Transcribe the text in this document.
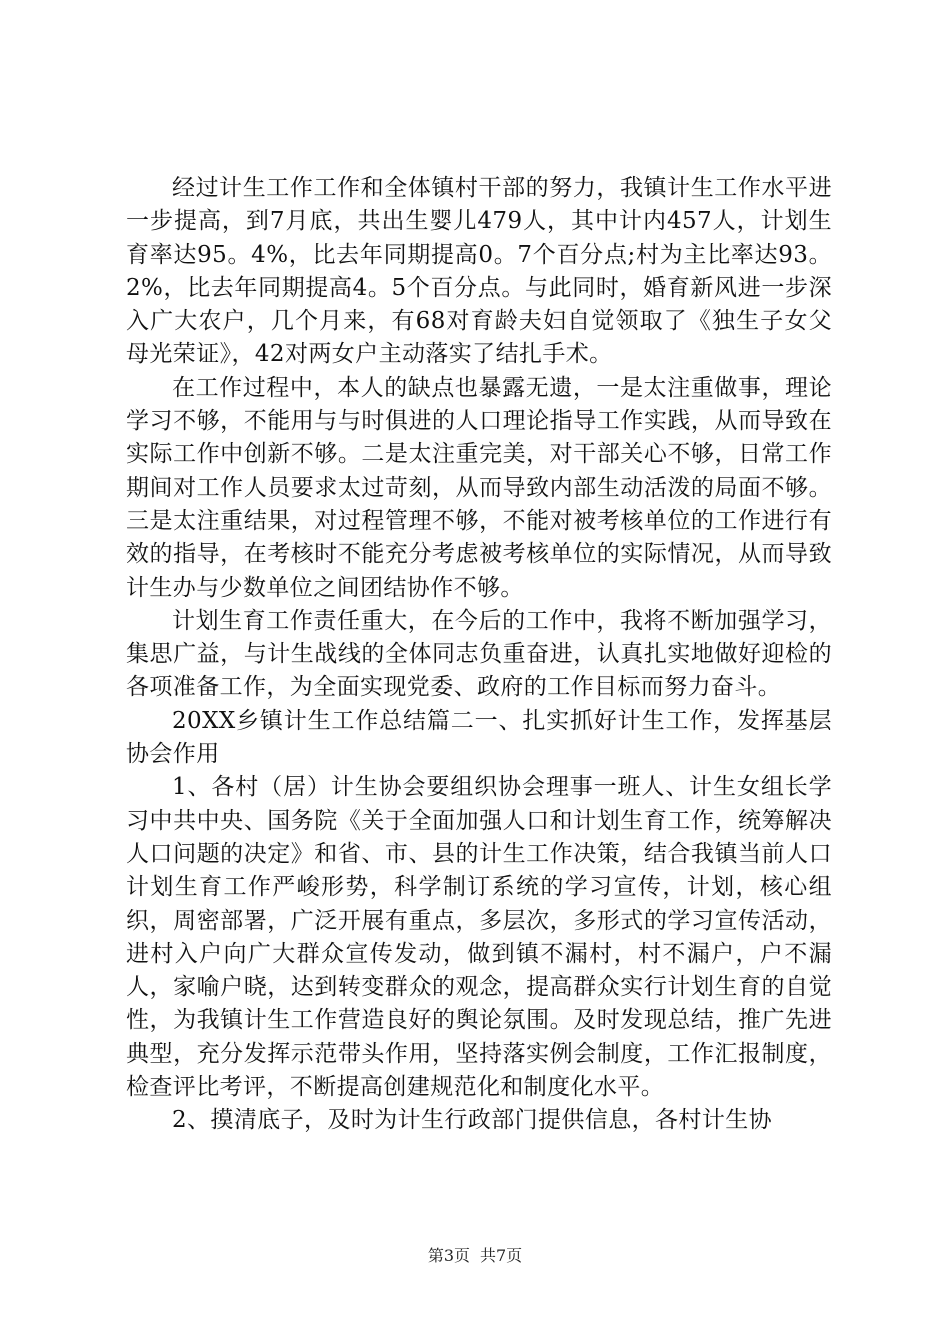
经过计生工作工作和全体镇村干部的努力，我镇计生工作水平进一步提高，到7月底，共出生婴儿479人，其中计内457人，计划生育率达95。4%，比去年同期提高0。7个百分点;村为主比率达93。2%，比去年同期提高4。5个百分点。与此同时，婚育新风进一步深入广大农户，几个月来，有68对育龄夫妇自觉领取了《独生子女父母光荣证》，42对两女户主动落实了结扎手术。

在工作过程中，本人的缺点也暴露无遗，一是太注重做事，理论学习不够，不能用与与时俱进的人口理论指导工作实践，从而导致在实际工作中创新不够。二是太注重完美，对干部关心不够，日常工作期间对工作人员要求太过苛刻，从而导致内部生动活泼的局面不够。三是太注重结果，对过程管理不够，不能对被考核单位的工作进行有效的指导，在考核时不能充分考虑被考核单位的实际情况，从而导致计生办与少数单位之间团结协作不够。

计划生育工作责任重大，在今后的工作中，我将不断加强学习，集思广益，与计生战线的全体同志负重奋进，认真扎实地做好迎检的各项准备工作，为全面实现党委、政府的工作目标而努力奋斗。

20XX乡镇计生工作总结篇二一、扎实抓好计生工作，发挥基层协会作用

1、各村（居）计生协会要组织协会理事一班人、计生女组长学习中共中央、国务院《关于全面加强人口和计划生育工作，统筹解决人口问题的决定》和省、市、县的计生工作决策，结合我镇当前人口计划生育工作严峻形势，科学制订系统的学习宣传，计划，核心组织，周密部署，广泛开展有重点，多层次，多形式的学习宣传活动，进村入户向广大群众宣传发动，做到镇不漏村，村不漏户，户不漏人，家喻户晓，达到转变群众的观念，提高群众实行计划生育的自觉性，为我镇计生工作营造良好的舆论氛围。及时发现总结，推广先进典型，充分发挥示范带头作用，坚持落实例会制度，工作汇报制度，检查评比考评，不断提高创建规范化和制度化水平。

2、摸清底子，及时为计生行政部门提供信息，各村计生协

第3页 共7页
